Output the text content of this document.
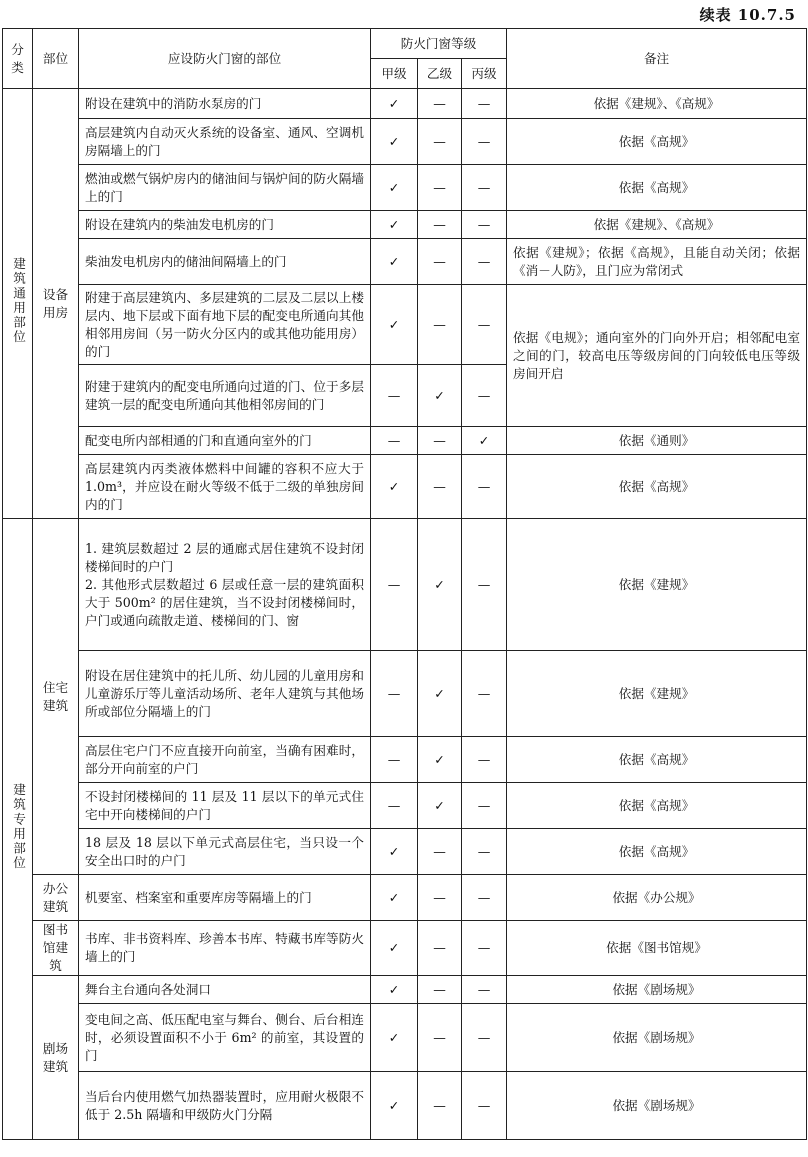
续表 10.7.5
分类	部位	应设防火门窗的部位	防火门窗等级			备注
			甲级	乙级	丙级	
建筑通用部位	设备用房	附设在建筑中的消防水泵房的门	✓	—	—	依据《建规》、《高规》
		高层建筑内自动灭火系统的设备室、通风、空调机房隔墙上的门	✓	—	—	依据《高规》
		燃油或燃气锅炉房内的储油间与锅炉间的防火隔墙上的门	✓	—	—	依据《高规》
		附设在建筑内的柴油发电机房的门	✓	—	—	依据《建规》、《高规》
		柴油发电机房内的储油间隔墙上的门	✓	—	—	依据《建规》；依据《高规》，且能自动关闭；依据《消－人防》，且门应为常闭式
		附建于高层建筑内、多层建筑的二层及二层以上楼层内、地下层或下面有地下层的配变电所通向其他相邻用房间（另一防火分区内的或其他功能用房）的门	✓	—	—	依据《电规》；通向室外的门向外开启；相邻配电室之间的门，较高电压等级房间的门向较低电压等级房间开启
		附建于建筑内的配变电所通向过道的门、位于多层建筑一层的配变电所通向其他相邻房间的门	—	✓	—	
		配变电所内部相通的门和直通向室外的门	—	—	✓	依据《通则》
		高层建筑内丙类液体燃料中间罐的容积不应大于 1.0m³，并应设在耐火等级不低于二级的单独房间内的门	✓	—	—	依据《高规》
建筑专用部位	住宅建筑	1. 建筑层数超过 2 层的通廊式居住建筑不设封闭楼梯间时的户门
2. 其他形式层数超过 6 层或任意一层的建筑面积大于 500m² 的居住建筑，当不设封闭楼梯间时，户门或通向疏散走道、楼梯间的门、窗	—	✓	—	依据《建规》
		附设在居住建筑中的托儿所、幼儿园的儿童用房和儿童游乐厅等儿童活动场所、老年人建筑与其他场所或部位分隔墙上的门	—	✓	—	依据《建规》
		高层住宅户门不应直接开向前室，当确有困难时，部分开向前室的户门	—	✓	—	依据《高规》
		不设封闭楼梯间的 11 层及 11 层以下的单元式住宅中开向楼梯间的户门	—	✓	—	依据《高规》
		18 层及 18 层以下单元式高层住宅，当只设一个安全出口时的户门	✓	—	—	依据《高规》
	办公建筑	机要室、档案室和重要库房等隔墙上的门	✓	—	—	依据《办公规》
	图书馆建筑	书库、非书资料库、珍善本书库、特藏书库等防火墙上的门	✓	—	—	依据《图书馆规》
	剧场建筑	舞台主台通向各处洞口	✓	—	—	依据《剧场规》
		变电间之高、低压配电室与舞台、侧台、后台相连时，必须设置面积不小于 6m² 的前室，其设置的门	✓	—	—	依据《剧场规》
		当后台内使用燃气加热器装置时，应用耐火极限不低于 2.5h 隔墙和甲级防火门分隔	✓	—	—	依据《剧场规》
